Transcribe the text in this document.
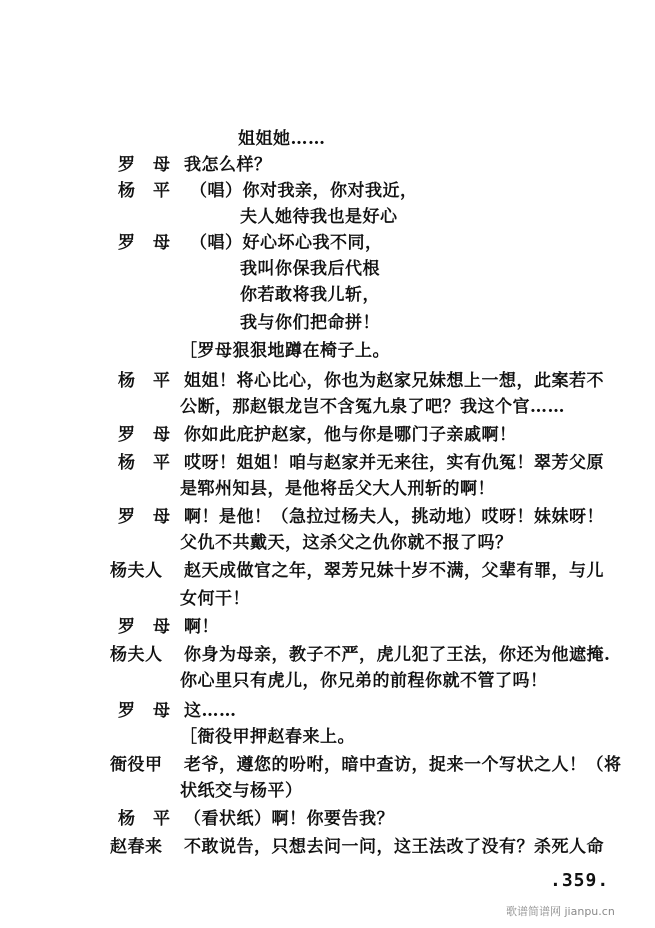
姐姐她……
罗　母 我怎么样？
杨　平 （唱）你对我亲，你对我近，
夫人她待我也是好心
罗　母 （唱）好心坏心我不同，
我叫你保我后代根
你若敢将我儿斩，
我与你们把命拼！
［罗母狠狠地蹲在椅子上。
杨　平 姐姐！将心比心，你也为赵家兄妹想上一想，此案若不
公断，那赵银龙岂不含冤九泉了吧？我这个官……
罗　母 你如此庇护赵家，他与你是哪门子亲戚啊！
杨　平 哎呀！姐姐！咱与赵家并无来往，实有仇冤！翠芳父原
是郓州知县，是他将岳父大人刑斩的啊！
罗　母 啊！是他！（急拉过杨夫人，挑动地）哎呀！妹妹呀！
父仇不共戴天，这杀父之仇你就不报了吗？
杨夫人 赵天成做官之年，翠芳兄妹十岁不满，父辈有罪，与儿
女何干！
罗　母 啊！
杨夫人 你身为母亲，教子不严，虎儿犯了王法，你还为他遮掩.
你心里只有虎儿，你兄弟的前程你就不管了吗！
罗　母 这……
［衙役甲押赵春来上。
衙役甲 老爷，遵您的吩咐，暗中查访，捉来一个写状之人！（将
状纸交与杨平）
杨　平 （看状纸）啊！你要告我？
赵春来 不敢说告，只想去问一问，这王法改了没有？杀死人命
.359.
歌谱简谱网 jianpu.cn
